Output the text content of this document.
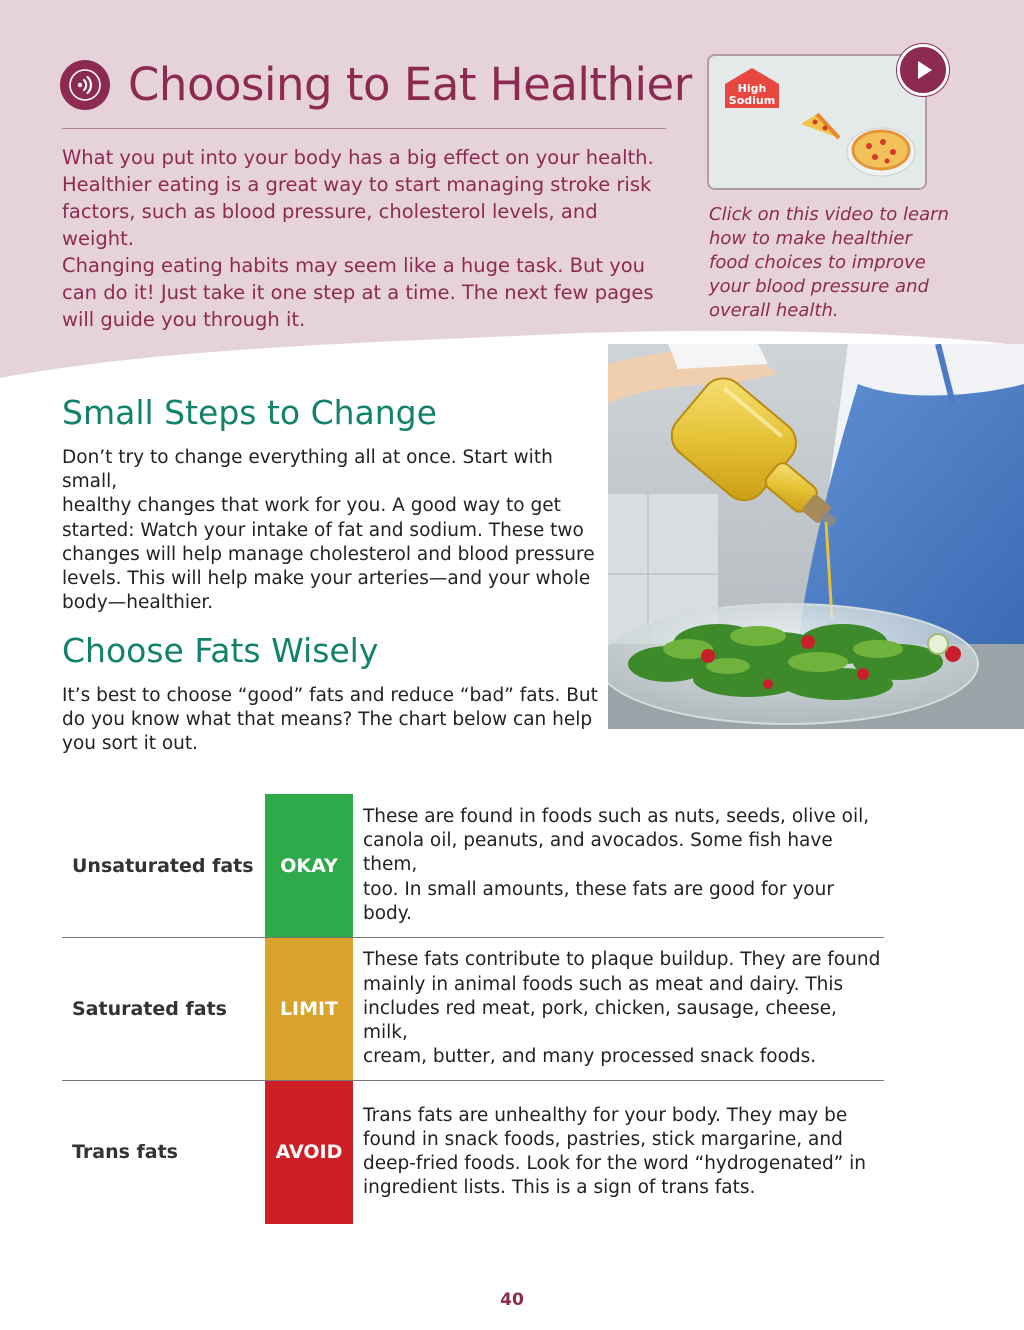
Choosing to Eat Healthier
What you put into your body has a big effect on your health.
Healthier eating is a great way to start managing stroke risk
factors, such as blood pressure, cholesterol levels, and weight.
Changing eating habits may seem like a huge task. But you
can do it! Just take it one step at a time. The next few pages
will guide you through it.
High
Sodium
Click on this video to learn
how to make healthier
food choices to improve
your blood pressure and
overall health.
Small Steps to Change
Don’t try to change everything all at once. Start with small,
healthy changes that work for you. A good way to get
started: Watch your intake of fat and sodium. These two
changes will help manage cholesterol and blood pressure
levels. This will help make your arteries—and your whole
body—healthier.
Choose Fats Wisely
It’s best to choose “good” fats and reduce “bad” fats. But
do you know what that means? The chart below can help
you sort it out.
Unsaturated fats	OKAY
These are found in foods such as nuts, seeds, olive oil,
canola oil, peanuts, and avocados. Some fish have them,
too. In small amounts, these fats are good for your body.
Saturated fats	LIMIT
These fats contribute to plaque buildup. They are found
mainly in animal foods such as meat and dairy. This
includes red meat, pork, chicken, sausage, cheese, milk,
cream, butter, and many processed snack foods.
Trans fats	AVOID
Trans fats are unhealthy for your body. They may be
found in snack foods, pastries, stick margarine, and
deep-fried foods. Look for the word “hydrogenated” in
ingredient lists. This is a sign of trans fats.
40
